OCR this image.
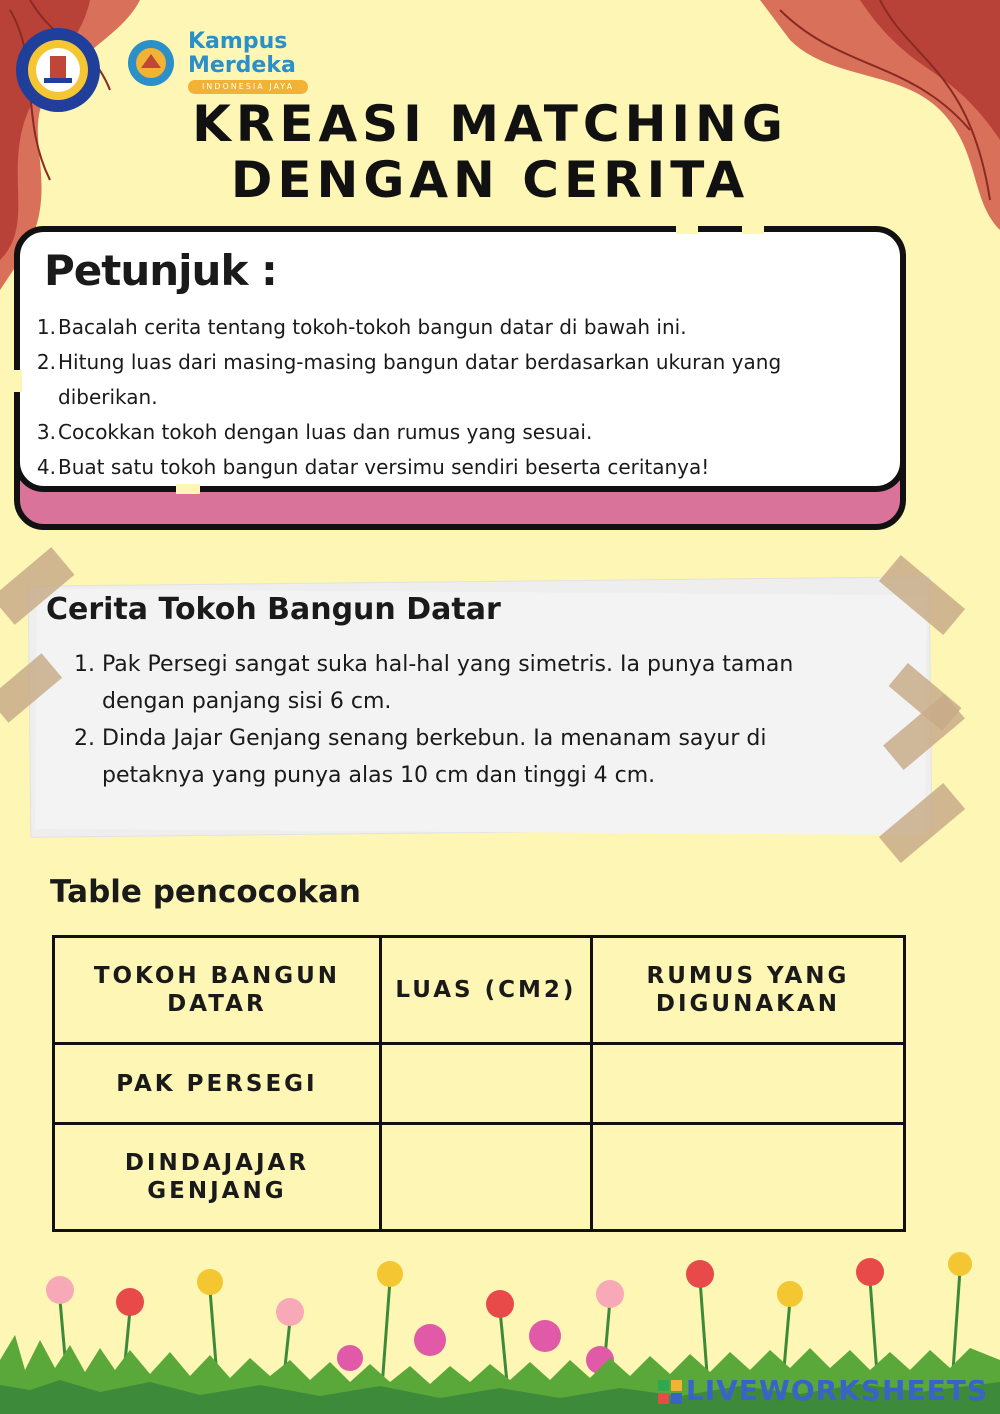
Kampus
Merdeka
INDONESIA JAYA
KREASI MATCHING
DENGAN CERITA
Petunjuk :
1. Bacalah cerita tentang tokoh-tokoh bangun datar di bawah ini.
2. Hitung luas dari masing-masing bangun datar berdasarkan ukuran yang diberikan.
3. Cocokkan tokoh dengan luas dan rumus yang sesuai.
4. Buat satu tokoh bangun datar versimu sendiri beserta ceritanya!
Cerita Tokoh Bangun Datar
1. Pak Persegi sangat suka hal-hal yang simetris. Ia punya taman dengan panjang sisi 6 cm.
2. Dinda Jajar Genjang senang berkebun. Ia menanam sayur di petaknya yang punya alas 10 cm dan tinggi 4 cm.
Table pencocokan
TOKOH BANGUN DATAR	LUAS (CM2)	RUMUS YANG DIGUNAKAN
PAK PERSEGI		
DINDAJAJAR GENJANG		
LIVEWORKSHEETS
